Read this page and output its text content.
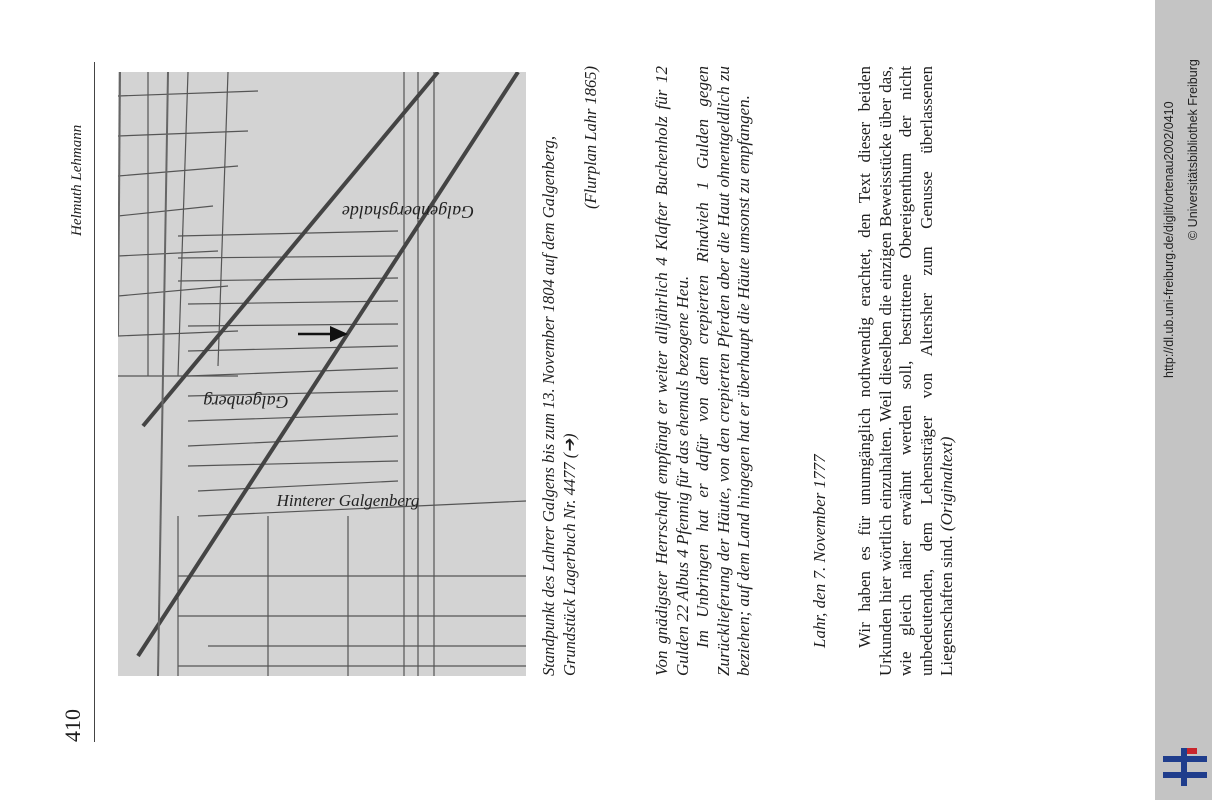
410
Helmuth Lehmann
Galgenberg
Galgenbergshalde
Hinterer Galgenberg	Standpunkt des Lahrer Galgens bis zum 13. November 1804 auf dem Galgenberg, Grundstück Lagerbuch Nr. 4477 (➔)
(Flurplan Lahr 1865)	Von gnädigster Herrschaft empfängt er weiter alljährlich 4 Klafter Buchenholz für 12 Gulden 22 Albus 4 Pfennig für das ehemals bezogene Heu. Im Unbringen hat er dafür von dem crepierten Rindvieh 1 Gulden gegen Zurücklieferung der Häute, von den crepierten Pferden aber die Haut ohnentgeldlich zu beziehen; auf dem Land hingegen hat er überhaupt die Häute umsonst zu empfangen.	Lahr, den 7. November 1777 Wir haben es für unumgänglich nothwendig erachtet, den Text dieser beiden Urkunden hier wörtlich einzuhalten. Weil dieselben die einzigen Beweisstücke über das, wie gleich näher erwähnt werden soll, bestrittene Obereigenthum der nicht unbedeutenden, dem Lehensträger von Altersher zum Genusse überlassenen Liegenschaften sind. (Originaltext)

http://dl.ub.uni-freiburg.de/diglit/ortenau2002/0410 © Universitätsbibliothek Freiburg
